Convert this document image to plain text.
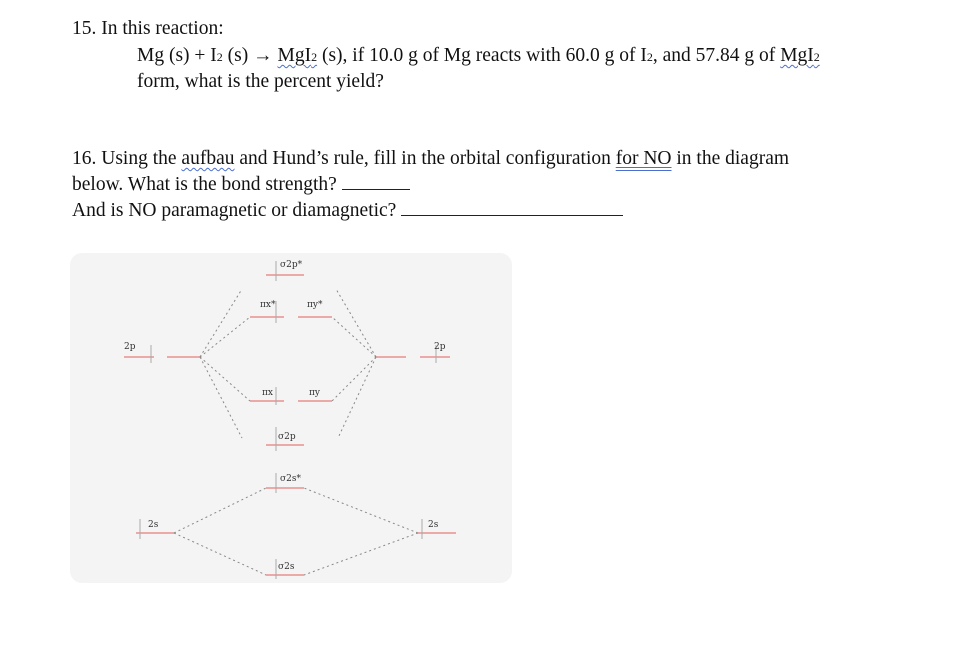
15. In this reaction:
Mg (s) + I2 (s) → MgI2 (s), if 10.0 g of Mg reacts with 60.0 g of I2, and 57.84 g of MgI2
form, what is the percent yield?
16. Using the aufbau and Hund’s rule, fill in the orbital configuration for NO in the diagram
below. What is the bond strength?
And is NO paramagnetic or diamagnetic?
2p	2p
σ2p*
πx*	πy*
πx	πy
σ2p
σ2s*
2s	2s
σ2s
